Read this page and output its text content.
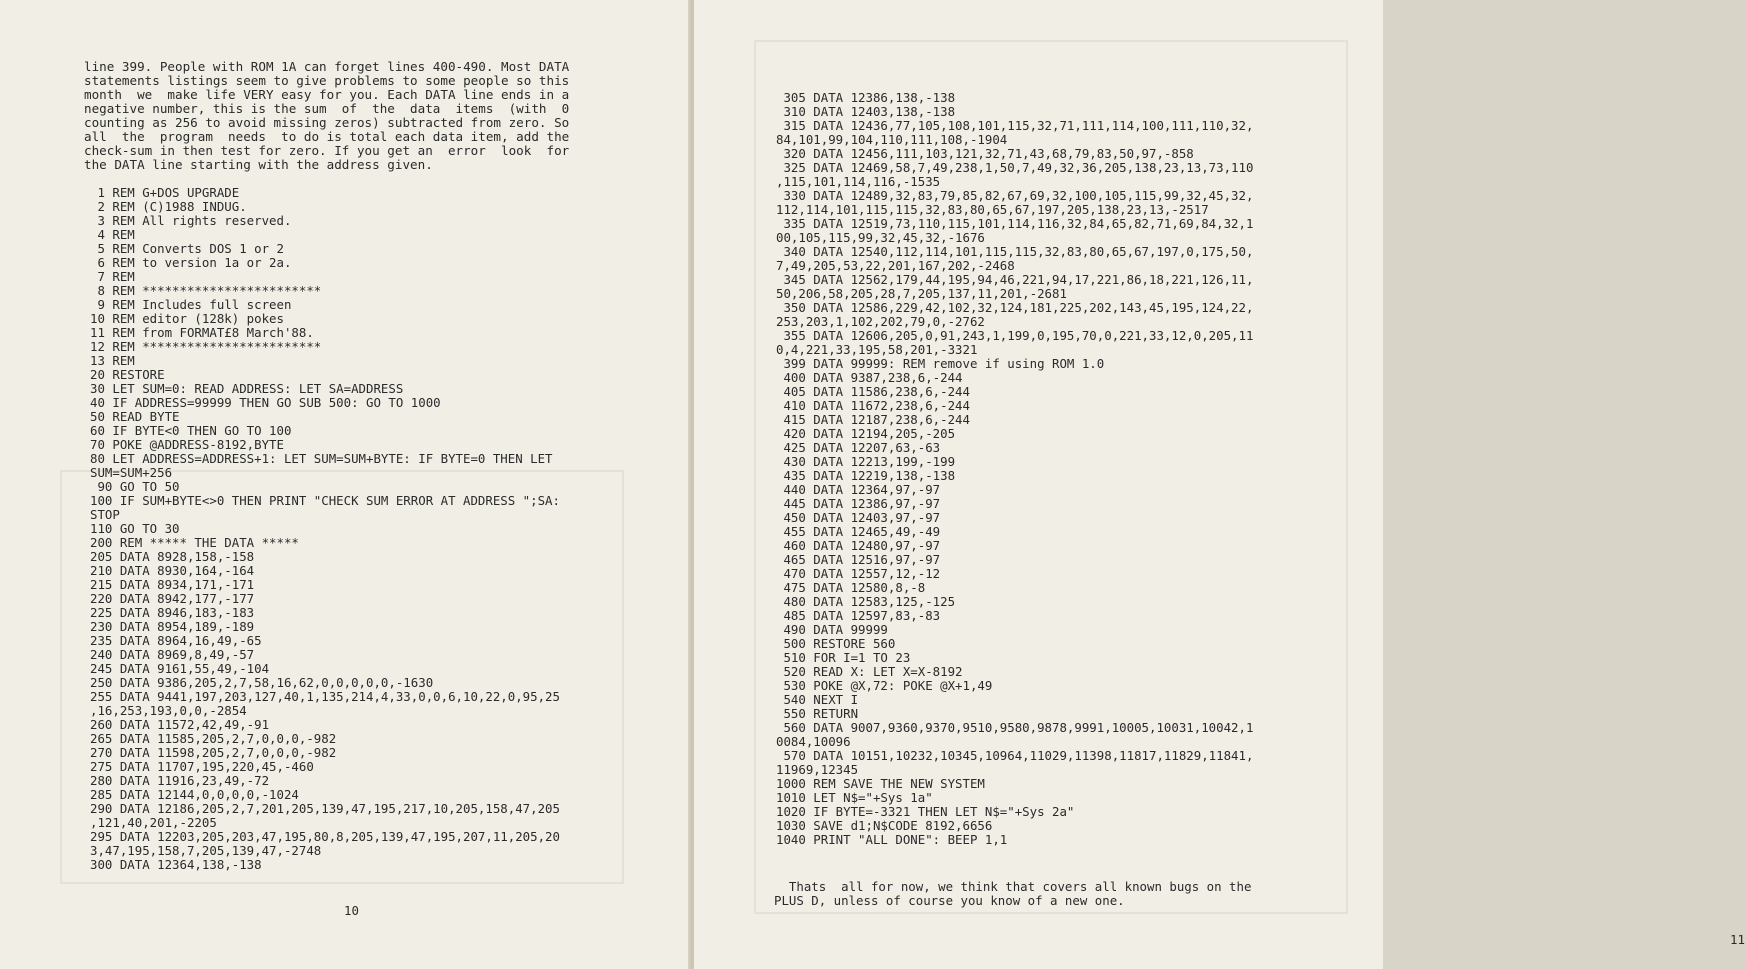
line 399. People with ROM 1A can forget lines 400-490. Most DATA
statements listings seem to give problems to some people so this
month  we  make life VERY easy for you. Each DATA line ends in a
negative number, this is the sum  of  the  data  items  (with  0
counting as 256 to avoid missing zeros) subtracted from zero. So
all  the  program  needs  to do is total each data item, add the
check-sum in then test for zero. If you get an  error  look  for
the DATA line starting with the address given.
1 REM G+DOS UPGRADE
2 REM (C)1988 INDUG.
3 REM All rights reserved.
4 REM
5 REM Converts DOS 1 or 2
6 REM to version 1a or 2a.
7 REM
8 REM ************************
9 REM Includes full screen
10 REM editor (128k) pokes
11 REM from FORMAT£8 March'88.
12 REM ************************
13 REM
20 RESTORE
30 LET SUM=0: READ ADDRESS: LET SA=ADDRESS
40 IF ADDRESS=99999 THEN GO SUB 500: GO TO 1000
50 READ BYTE
60 IF BYTE<0 THEN GO TO 100
70 POKE @ADDRESS-8192,BYTE
80 LET ADDRESS=ADDRESS+1: LET SUM=SUM+BYTE: IF BYTE=0 THEN LET
SUM=SUM+256
90 GO TO 50
100 IF SUM+BYTE<>0 THEN PRINT "CHECK SUM ERROR AT ADDRESS ";SA:
STOP
110 GO TO 30
200 REM ***** THE DATA *****
205 DATA 8928,158,-158
210 DATA 8930,164,-164
215 DATA 8934,171,-171
220 DATA 8942,177,-177
225 DATA 8946,183,-183
230 DATA 8954,189,-189
235 DATA 8964,16,49,-65
240 DATA 8969,8,49,-57
245 DATA 9161,55,49,-104
250 DATA 9386,205,2,7,58,16,62,0,0,0,0,0,-1630
255 DATA 9441,197,203,127,40,1,135,214,4,33,0,0,6,10,22,0,95,25
,16,253,193,0,0,-2854
260 DATA 11572,42,49,-91
265 DATA 11585,205,2,7,0,0,0,-982
270 DATA 11598,205,2,7,0,0,0,-982
275 DATA 11707,195,220,45,-460
280 DATA 11916,23,49,-72
285 DATA 12144,0,0,0,0,-1024
290 DATA 12186,205,2,7,201,205,139,47,195,217,10,205,158,47,205
,121,40,201,-2205
295 DATA 12203,205,203,47,195,80,8,205,139,47,195,207,11,205,20
3,47,195,158,7,205,139,47,-2748
300 DATA 12364,138,-138
10
305 DATA 12386,138,-138
310 DATA 12403,138,-138
315 DATA 12436,77,105,108,101,115,32,71,111,114,100,111,110,32,
84,101,99,104,110,111,108,-1904
320 DATA 12456,111,103,121,32,71,43,68,79,83,50,97,-858
325 DATA 12469,58,7,49,238,1,50,7,49,32,36,205,138,23,13,73,110
,115,101,114,116,-1535
330 DATA 12489,32,83,79,85,82,67,69,32,100,105,115,99,32,45,32,
112,114,101,115,115,32,83,80,65,67,197,205,138,23,13,-2517
335 DATA 12519,73,110,115,101,114,116,32,84,65,82,71,69,84,32,1
00,105,115,99,32,45,32,-1676
340 DATA 12540,112,114,101,115,115,32,83,80,65,67,197,0,175,50,
7,49,205,53,22,201,167,202,-2468
345 DATA 12562,179,44,195,94,46,221,94,17,221,86,18,221,126,11,
50,206,58,205,28,7,205,137,11,201,-2681
350 DATA 12586,229,42,102,32,124,181,225,202,143,45,195,124,22,
253,203,1,102,202,79,0,-2762
355 DATA 12606,205,0,91,243,1,199,0,195,70,0,221,33,12,0,205,11
0,4,221,33,195,58,201,-3321
399 DATA 99999: REM remove if using ROM 1.0
400 DATA 9387,238,6,-244
405 DATA 11586,238,6,-244
410 DATA 11672,238,6,-244
415 DATA 12187,238,6,-244
420 DATA 12194,205,-205
425 DATA 12207,63,-63
430 DATA 12213,199,-199
435 DATA 12219,138,-138
440 DATA 12364,97,-97
445 DATA 12386,97,-97
450 DATA 12403,97,-97
455 DATA 12465,49,-49
460 DATA 12480,97,-97
465 DATA 12516,97,-97
470 DATA 12557,12,-12
475 DATA 12580,8,-8
480 DATA 12583,125,-125
485 DATA 12597,83,-83
490 DATA 99999
500 RESTORE 560
510 FOR I=1 TO 23
520 READ X: LET X=X-8192
530 POKE @X,72: POKE @X+1,49
540 NEXT I
550 RETURN
560 DATA 9007,9360,9370,9510,9580,9878,9991,10005,10031,10042,1
0084,10096
570 DATA 10151,10232,10345,10964,11029,11398,11817,11829,11841,
11969,12345
1000 REM SAVE THE NEW SYSTEM
1010 LET N$="+Sys 1a"
1020 IF BYTE=-3321 THEN LET N$="+Sys 2a"
1030 SAVE d1;N$CODE 8192,6656
1040 PRINT "ALL DONE": BEEP 1,1
Thats  all for now, we think that covers all known bugs on the
PLUS D, unless of course you know of a new one.
11
